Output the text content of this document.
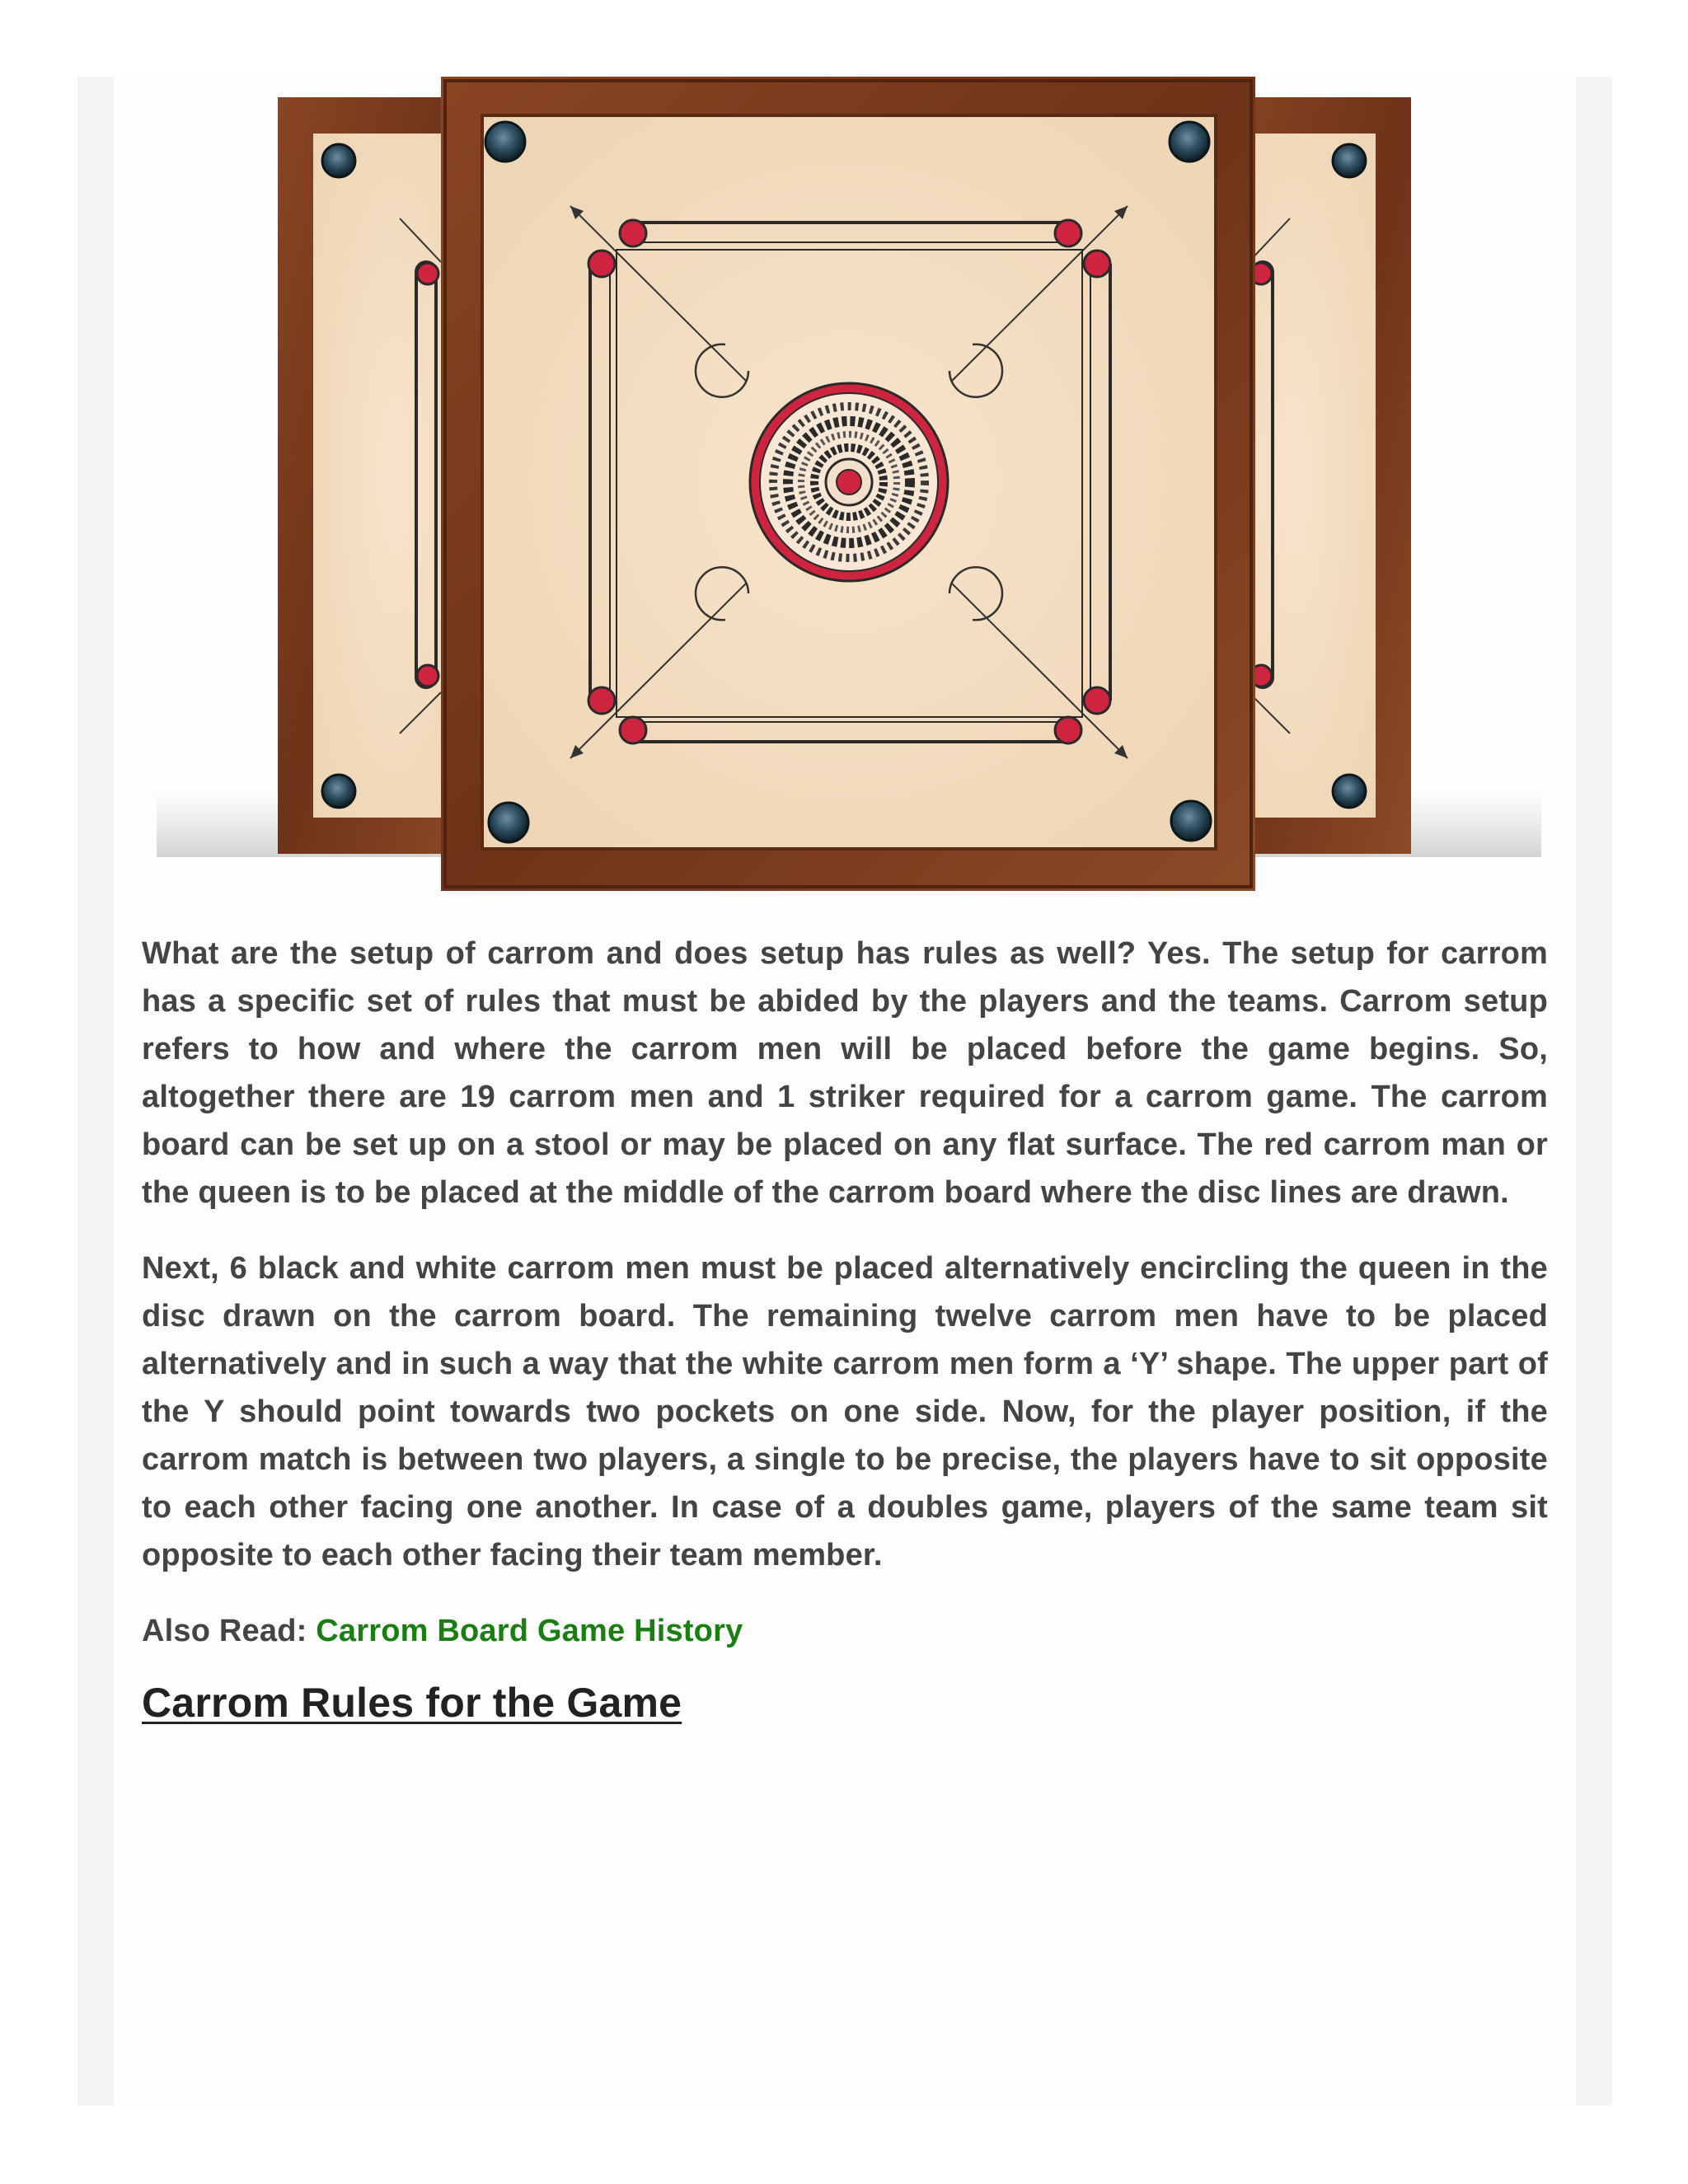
What are the setup of carrom and does setup has rules as well? Yes. The setup for carrom has a specific set of rules that must be abided by the players and the teams. Carrom setup refers to how and where the carrom men will be placed before the game begins. So, altogether there are 19 carrom men and 1 striker required for a carrom game. The carrom board can be set up on a stool or may be placed on any flat surface. The red carrom man or the queen is to be placed at the middle of the carrom board where the disc lines are drawn.

Next, 6 black and white carrom men must be placed alternatively encircling the queen in the disc drawn on the carrom board. The remaining twelve carrom men have to be placed alternatively and in such a way that the white carrom men form a ‘Y’ shape. The upper part of the Y should point towards two pockets on one side. Now, for the player position, if the carrom match is between two players, a single to be precise, the players have to sit opposite to each other facing one another. In case of a doubles game, players of the same team sit opposite to each other facing their team member.

Also Read: Carrom Board Game History
Carrom Rules for the Game
